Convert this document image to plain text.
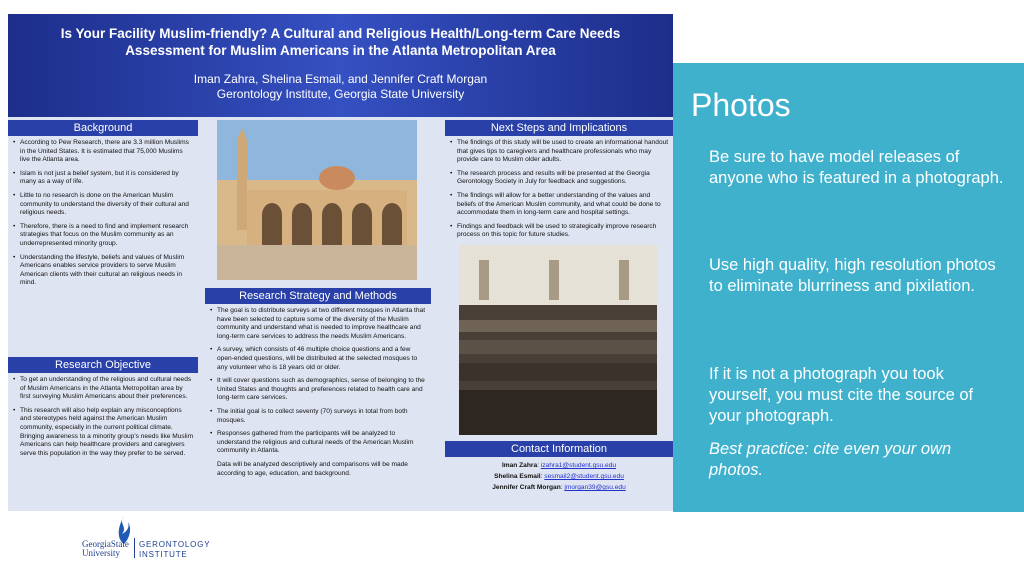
Is Your Facility Muslim-friendly? A Cultural and Religious Health/Long-term Care Needs Assessment for Muslim Americans in the Atlanta Metropolitan Area
Iman Zahra, Shelina Esmail, and Jennifer Craft Morgan
Gerontology Institute, Georgia State University
Background
• According to Pew Research, there are 3.3 million Muslims in the United States. It is estimated that 75,000 Muslims live the Atlanta area.
• Islam is not just a belief system, but it is considered by many as a way of life.
• Little to no research is done on the American Muslim community to understand the diversity of their cultural and religious needs.
• Therefore, there is a need to find and implement research strategies that focus on the Muslim community as an underrepresented minority group.
• Understanding the lifestyle, beliefs and values of Muslim Americans enables service providers to serve Muslim American clients with their cultural an religious needs in mind.
Research Objective
• To get an understanding of the religious and cultural needs of Muslim Americans in the Atlanta Metropolitan area by first surveying Muslim Americans about their preferences.
• This research will also help explain any misconceptions and stereotypes held against the American Muslim community, especially in the current political climate. Bringing awareness to a minority group's needs like Muslim Americans can help healthcare providers and caregivers serve this population in the way they prefer to be served.
Research Strategy and Methods
• The goal is to distribute surveys at two different mosques in Atlanta that have been selected to capture some of the diversity of the Muslim community and understand what is needed to improve healthcare and long-term care services to address the needs Muslim Americans.
• A survey, which consists of 46 multiple choice questions and a few open-ended questions, will be distributed at the selected mosques to any volunteer who is 18 years old or older.
• It will cover questions such as demographics, sense of belonging to the United States and thoughts and preferences related to health care and long-term care services.
• The initial goal is to collect seventy (70) surveys in total from both mosques.
• Responses gathered from the participants will be analyzed to understand the religious and cultural needs of the American Muslim community in Atlanta.
Data will be analyzed descriptively and comparisons will be made according to age, education, and background.
Next Steps and Implications
• The findings of this study will be used to create an informational handout that gives tips to caregivers and healthcare professionals who may provide care to Muslim older adults.
• The research process and results will be presented at the Georgia Gerontology Society in July for feedback and suggestions.
• The findings will allow for a better understanding of the values and beliefs of the American Muslim community, and what could be done to accommodate them in long-term care and hospital settings.
• Findings and feedback will be used to strategically improve research process on this topic for future studies.
Contact Information
Iman Zahra: izahra1@student.gsu.edu
Shelina Esmail: sesmail2@student.gsu.edu
Jennifer Craft Morgan: jmorgan39@gsu.edu
GeorgiaState
University
GERONTOLOGY
INSTITUTE
Photos
Be sure to have model releases of anyone who is featured in a photograph.
Use high quality, high resolution photos to eliminate blurriness and pixilation.
If it is not a photograph you took yourself, you must cite the source of your photograph.
Best practice: cite even your own photos.
